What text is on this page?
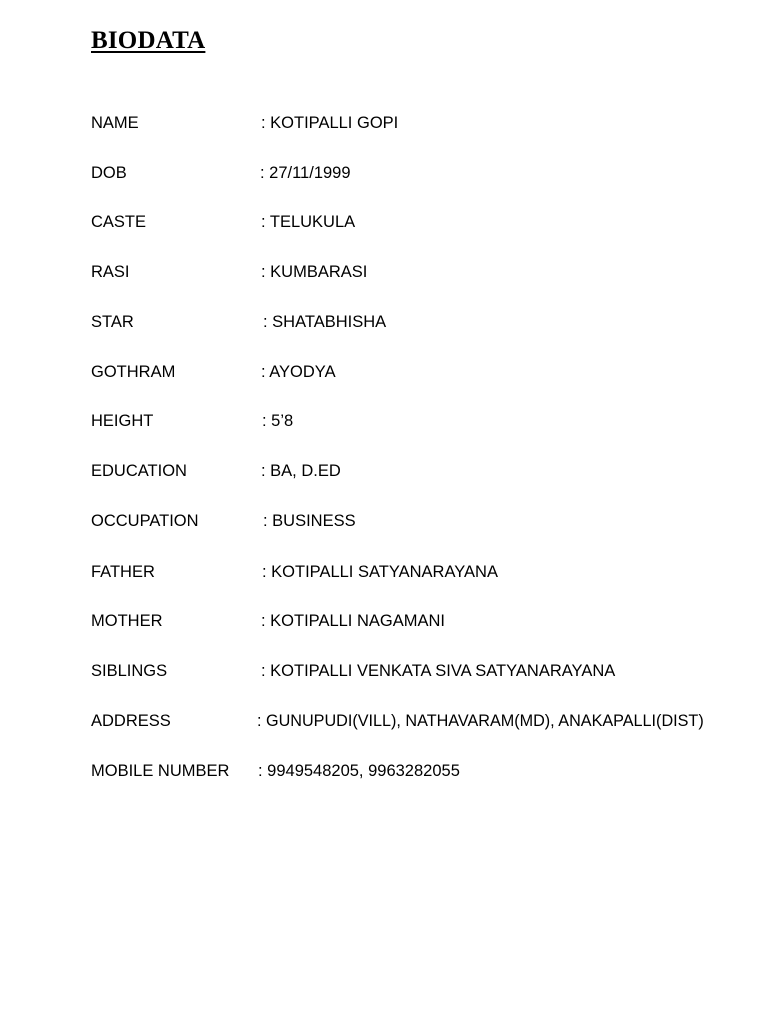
BIODATA
NAME	: KOTIPALLI GOPI
DOB	: 27/11/1999
CASTE	: TELUKULA
RASI	: KUMBARASI
STAR	: SHATABHISHA
GOTHRAM	: AYODYA
HEIGHT	: 5’8
EDUCATION	: BA, D.ED
OCCUPATION	: BUSINESS
FATHER	: KOTIPALLI SATYANARAYANA
MOTHER	: KOTIPALLI NAGAMANI
SIBLINGS	: KOTIPALLI VENKATA SIVA SATYANARAYANA
ADDRESS	: GUNUPUDI(VILL), NATHAVARAM(MD), ANAKAPALLI(DIST)
MOBILE NUMBER : 9949548205, 9963282055
